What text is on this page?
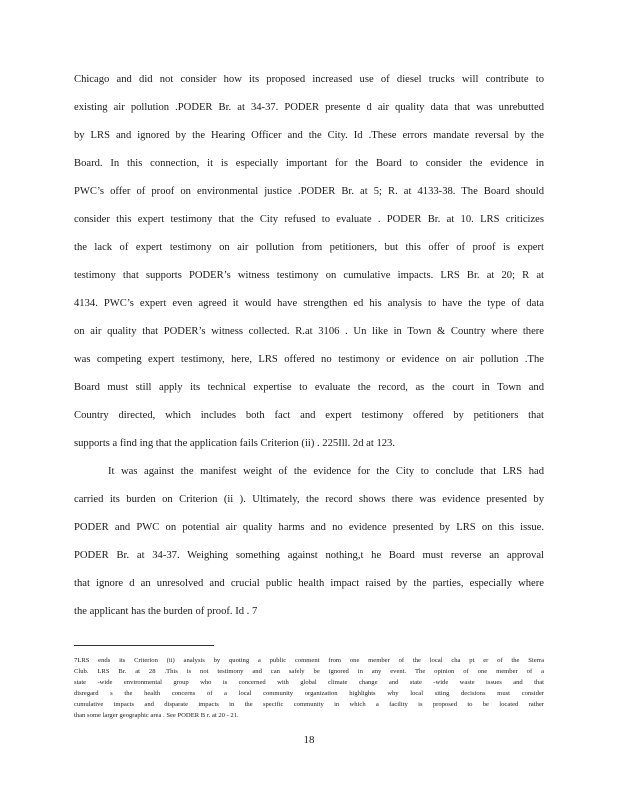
Chicago and did not consider how its proposed increased use of diesel trucks will contribute to
existing air pollution .PODER Br. at 34-37. PODER presente d air quality data that was unrebutted
by LRS and ignored by the Hearing Officer and the City. Id .These errors mandate reversal by the
Board. In this connection, it is especially important for the Board to consider the evidence in
PWC’s offer of proof on environmental justice .PODER Br. at 5; R. at 4133-38. The Board should
consider this expert testimony that the City refused to evaluate . PODER Br. at 10. LRS criticizes
the lack of expert testimony on air pollution from petitioners, but this offer of proof is expert
testimony that supports PODER’s witness testimony on cumulative impacts. LRS Br. at 20; R at
4134. PWC’s expert even agreed it would have strengthen ed his analysis to have the type of data
on air quality that PODER’s witness collected. R.at 3106 . Un like in Town & Country where there
was competing expert testimony, here, LRS offered no testimony or evidence on air pollution .The
Board must still apply its technical expertise to evaluate the record, as the court in Town and
Country directed, which includes both fact and expert testimony offered by petitioners that
supports a find ing that the application fails Criterion (ii) . 225Ill. 2d at 123.
It was against the manifest weight of the evidence for the City to conclude that LRS had
carried its burden on Criterion (ii ). Ultimately, the record shows there was evidence presented by
PODER and PWC on potential air quality harms and no evidence presented by LRS on this issue.
PODER Br. at 34-37. Weighing something against nothing,t he Board must reverse an approval
that ignore d an unresolved and crucial public health impact raised by the parties, especially where
the applicant has the burden of proof. Id . 7
7LRS ends its Criterion (ii) analysis by quoting a public comment from one member of the local cha pt er of the Sierra
Club. LRS Br. at 28 .This is not testimony and can safely be ignored in any event. The opinion of one member of a
state -wide environmental group who is concerned with global climate change and state -wide waste issues and that
disregard s the health concerns of a local community organization highlights why local siting decisions must consider
cumulative impacts and disparate impacts in the specific community in which a facility is proposed to be located rather
than some larger geographic area . See PODER B r. at 20 - 21.
18
